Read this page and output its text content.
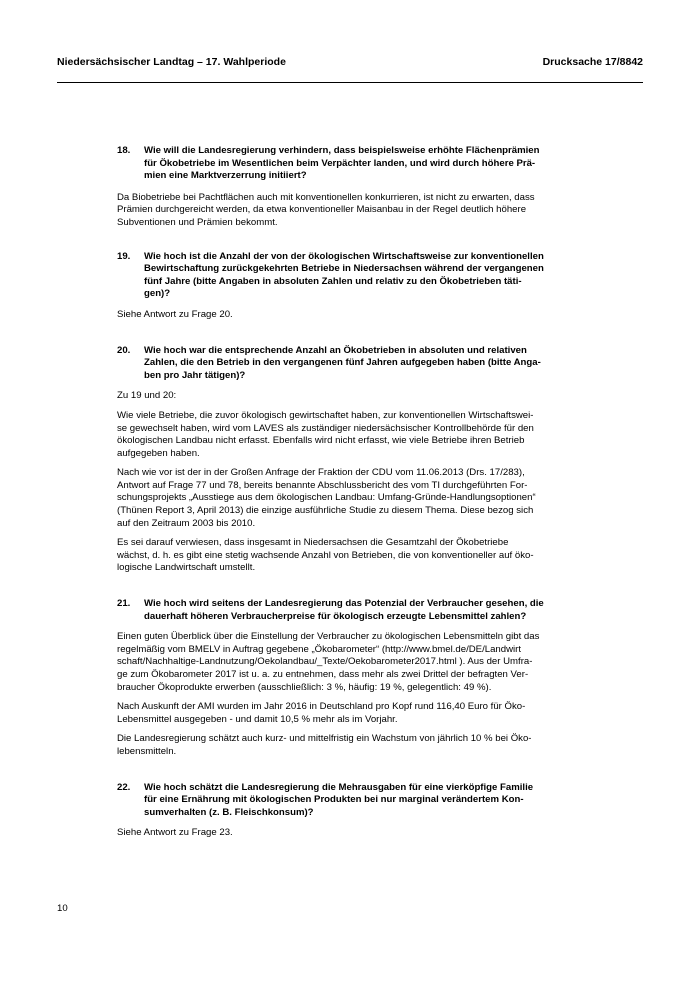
Niedersächsischer Landtag – 17. Wahlperiode	Drucksache 17/8842
18.	Wie will die Landesregierung verhindern, dass beispielsweise erhöhte Flächenprämien
für Ökobetriebe im Wesentlichen beim Verpächter landen, und wird durch höhere Prä-
mien eine Marktverzerrung initiiert?

Da Biobetriebe bei Pachtflächen auch mit konventionellen konkurrieren, ist nicht zu erwarten, dass
Prämien durchgereicht werden, da etwa konventioneller Maisanbau in der Regel deutlich höhere
Subventionen und Prämien bekommt.

19.	Wie hoch ist die Anzahl der von der ökologischen Wirtschaftsweise zur konventionellen
Bewirtschaftung zurückgekehrten Betriebe in Niedersachsen während der vergangenen
fünf Jahre (bitte Angaben in absoluten Zahlen und relativ zu den Ökobetrieben täti-
gen)?

Siehe Antwort zu Frage 20.

20.	Wie hoch war die entsprechende Anzahl an Ökobetrieben in absoluten und relativen
Zahlen, die den Betrieb in den vergangenen fünf Jahren aufgegeben haben (bitte Anga-
ben pro Jahr tätigen)?

Zu 19 und 20:

Wie viele Betriebe, die zuvor ökologisch gewirtschaftet haben, zur konventionellen Wirtschaftswei-
se gewechselt haben, wird vom LAVES als zuständiger niedersächsischer Kontrollbehörde für den
ökologischen Landbau nicht erfasst. Ebenfalls wird nicht erfasst, wie viele Betriebe ihren Betrieb
aufgegeben haben.

Nach wie vor ist der in der Großen Anfrage der Fraktion der CDU vom 11.06.2013 (Drs. 17/283),
Antwort auf Frage 77 und 78, bereits benannte Abschlussbericht des vom TI durchgeführten For-
schungsprojekts „Ausstiege aus dem ökologischen Landbau: Umfang-Gründe-Handlungsoptionen“
(Thünen Report 3, April 2013) die einzige ausführliche Studie zu diesem Thema. Diese bezog sich
auf den Zeitraum 2003 bis 2010.

Es sei darauf verwiesen, dass insgesamt in Niedersachsen die Gesamtzahl der Ökobetriebe
wächst, d. h. es gibt eine stetig wachsende Anzahl von Betrieben, die von konventioneller auf öko-
logische Landwirtschaft umstellt.

21.	Wie hoch wird seitens der Landesregierung das Potenzial der Verbraucher gesehen, die
dauerhaft höheren Verbraucherpreise für ökologisch erzeugte Lebensmittel zahlen?

Einen guten Überblick über die Einstellung der Verbraucher zu ökologischen Lebensmitteln gibt das
regelmäßig vom BMELV in Auftrag gegebene „Ökobarometer“ (http://www.bmel.de/DE/Landwirt
schaft/Nachhaltige-Landnutzung/Oekolandbau/_Texte/Oekobarometer2017.html ). Aus der Umfra-
ge zum Ökobarometer 2017 ist u. a. zu entnehmen, dass mehr als zwei Drittel der befragten Ver-
braucher Ökoprodukte erwerben (ausschließlich: 3 %, häufig: 19 %, gelegentlich: 49 %).

Nach Auskunft der AMI wurden im Jahr 2016 in Deutschland pro Kopf rund 116,40 Euro für Öko-
Lebensmittel ausgegeben - und damit 10,5 % mehr als im Vorjahr.

Die Landesregierung schätzt auch kurz- und mittelfristig ein Wachstum von jährlich 10 % bei Öko-
lebensmitteln.

22.	Wie hoch schätzt die Landesregierung die Mehrausgaben für eine vierköpfige Familie
für eine Ernährung mit ökologischen Produkten bei nur marginal verändertem Kon-
sumverhalten (z. B. Fleischkonsum)?

Siehe Antwort zu Frage 23.

10
